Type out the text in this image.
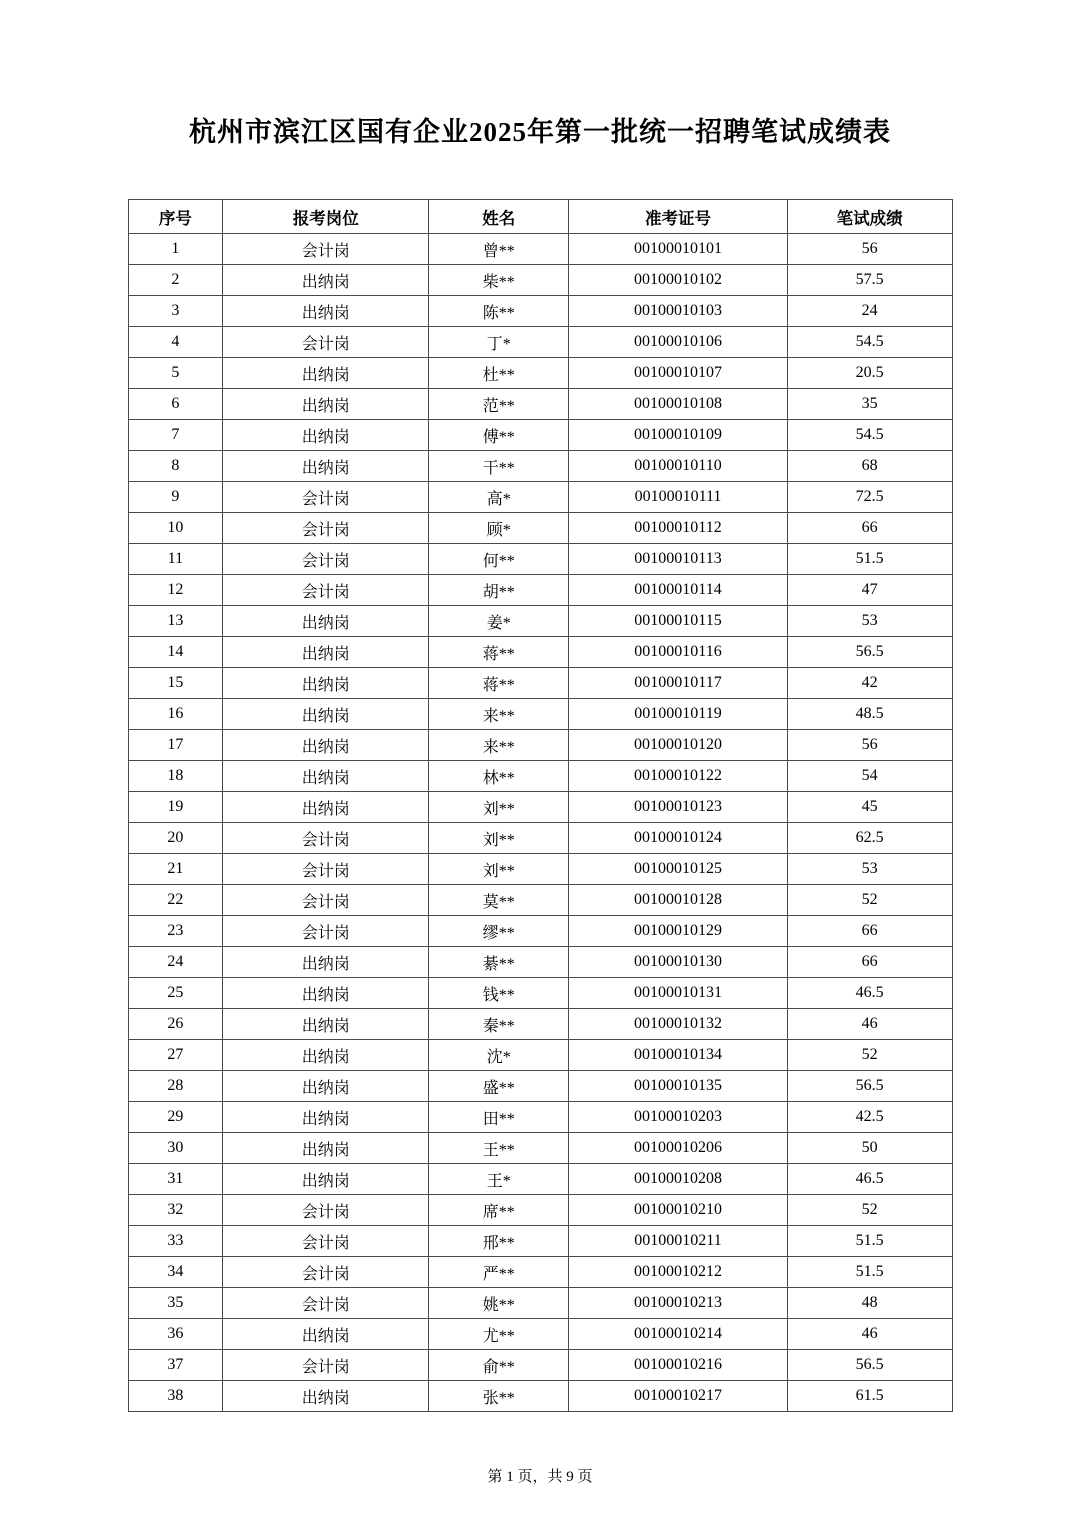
杭州市滨江区国有企业2025年第一批统一招聘笔试成绩表
序号	报考岗位	姓名	准考证号	笔试成绩
1	会计岗	曾**	00100010101	56
2	出纳岗	柴**	00100010102	57.5
3	出纳岗	陈**	00100010103	24
4	会计岗	丁*	00100010106	54.5
5	出纳岗	杜**	00100010107	20.5
6	出纳岗	范**	00100010108	35
7	出纳岗	傅**	00100010109	54.5
8	出纳岗	干**	00100010110	68
9	会计岗	高*	00100010111	72.5
10	会计岗	顾*	00100010112	66
11	会计岗	何**	00100010113	51.5
12	会计岗	胡**	00100010114	47
13	出纳岗	姜*	00100010115	53
14	出纳岗	蒋**	00100010116	56.5
15	出纳岗	蒋**	00100010117	42
16	出纳岗	来**	00100010119	48.5
17	出纳岗	来**	00100010120	56
18	出纳岗	林**	00100010122	54
19	出纳岗	刘**	00100010123	45
20	会计岗	刘**	00100010124	62.5
21	会计岗	刘**	00100010125	53
22	会计岗	莫**	00100010128	52
23	会计岗	缪**	00100010129	66
24	出纳岗	綦**	00100010130	66
25	出纳岗	钱**	00100010131	46.5
26	出纳岗	秦**	00100010132	46
27	出纳岗	沈*	00100010134	52
28	出纳岗	盛**	00100010135	56.5
29	出纳岗	田**	00100010203	42.5
30	出纳岗	王**	00100010206	50
31	出纳岗	王*	00100010208	46.5
32	会计岗	席**	00100010210	52
33	会计岗	邢**	00100010211	51.5
34	会计岗	严**	00100010212	51.5
35	会计岗	姚**	00100010213	48
36	出纳岗	尤**	00100010214	46
37	会计岗	俞**	00100010216	56.5
38	出纳岗	张**	00100010217	61.5
第 1 页，共 9 页
